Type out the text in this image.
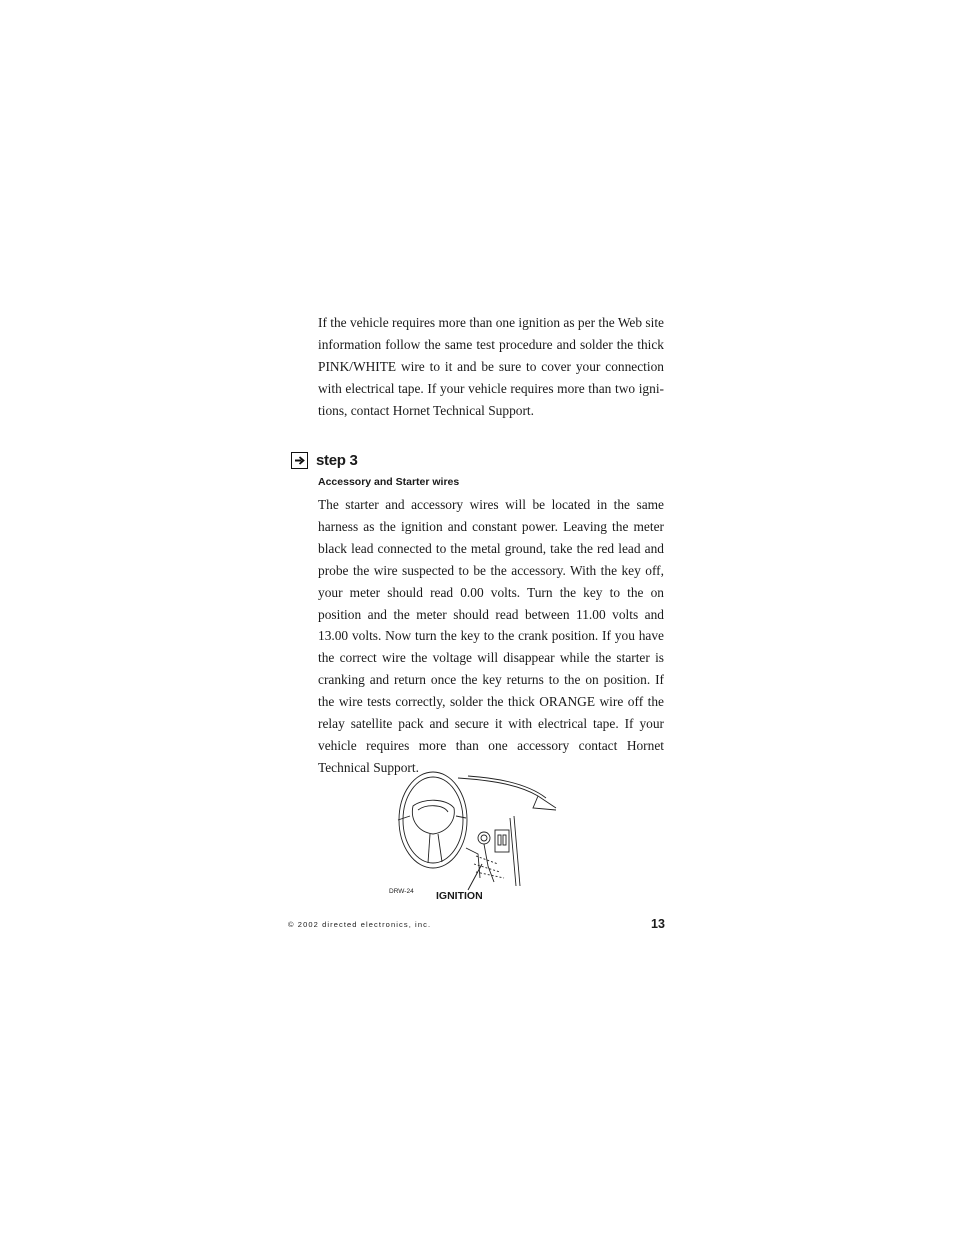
If the vehicle requires more than one ignition as per the Web site information follow the same test procedure and solder the thick PINK/WHITE wire to it and be sure to cover your connection with electrical tape. If your vehicle requires more than two igni-tions, contact Hornet Technical Support.

step 3
Accessory and Starter wires

The starter and accessory wires will be located in the same harness as the ignition and constant power. Leaving the meter black lead connected to the metal ground, take the red lead and probe the wire suspected to be the accessory. With the key off, your meter should read 0.00 volts. Turn the key to the on position and the meter should read between 11.00 volts and 13.00 volts. Now turn the key to the crank position. If you have the correct wire the voltage will disappear while the starter is cranking and return once the key returns to the on position. If the wire tests correctly, solder the thick ORANGE wire off the relay satellite pack and secure it with electrical tape. If your vehicle requires more than one accessory contact Hornet Technical Support.

DRW-24 IGNITION
© 2002 directed electronics, inc.	13
